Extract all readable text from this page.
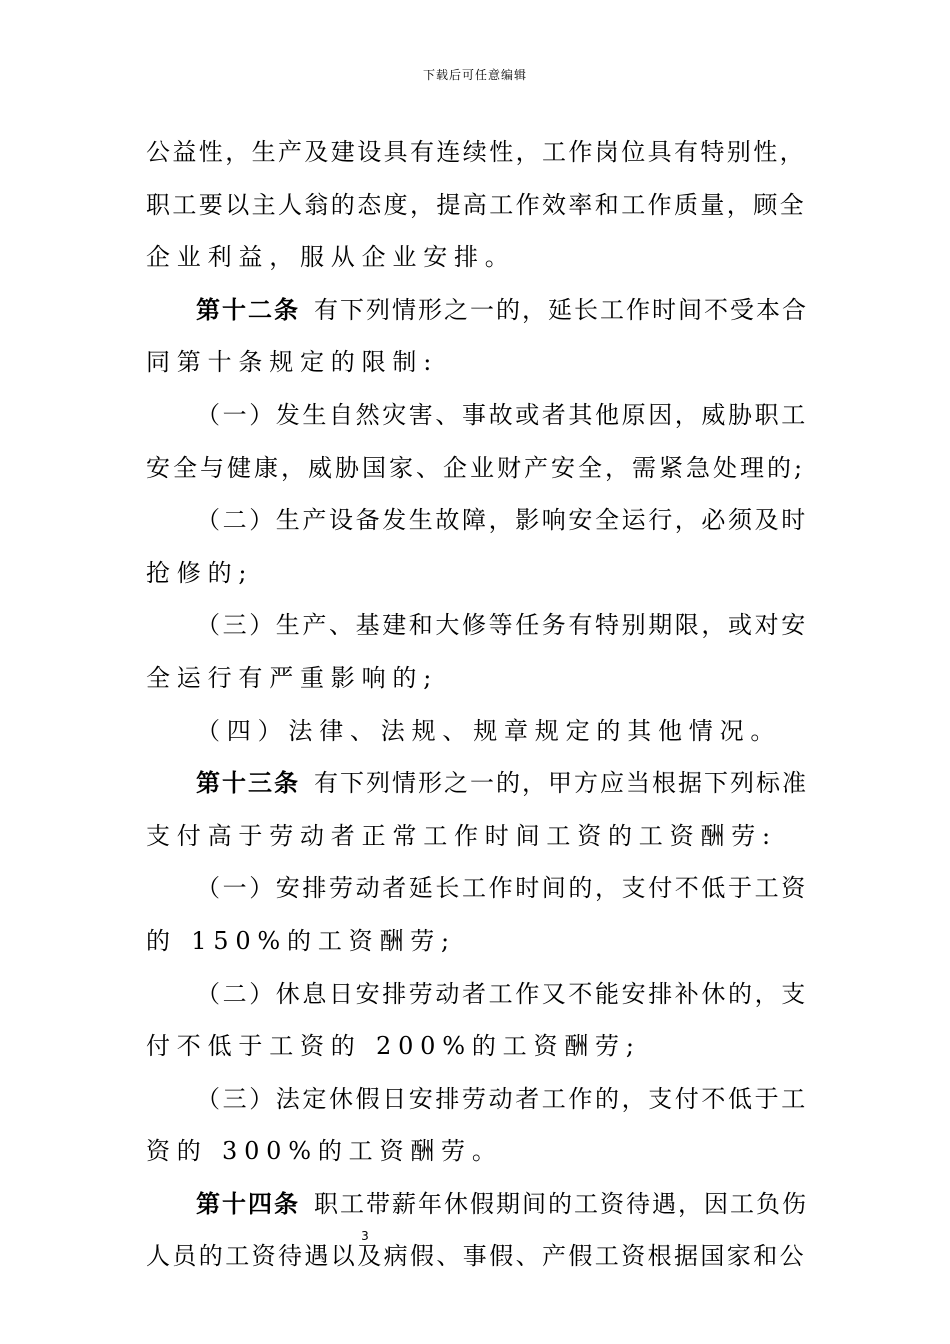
下载后可任意编辑
公益性，生产及建设具有连续性，工作岗位具有特别性，
职工要以主人翁的态度，提高工作效率和工作质量，顾全
企业利益，服从企业安排。
第十二条 有下列情形之一的，延长工作时间不受本合
同第十条规定的限制:
（一）发生自然灾害、事故或者其他原因，威胁职工
安全与健康，威胁国家、企业财产安全，需紧急处理的;
（二）生产设备发生故障，影响安全运行，必须及时
抢修的;
（三）生产、基建和大修等任务有特别期限，或对安
全运行有严重影响的;
（四）法律、法规、规章规定的其他情况。
第十三条 有下列情形之一的，甲方应当根据下列标准
支付高于劳动者正常工作时间工资的工资酬劳:
（一）安排劳动者延长工作时间的，支付不低于工资
的 150%的工资酬劳;
（二）休息日安排劳动者工作又不能安排补休的，支
付不低于工资的 200%的工资酬劳;
（三）法定休假日安排劳动者工作的，支付不低于工
资的 300%的工资酬劳。
第十四条 职工带薪年休假期间的工资待遇，因工负伤
人员的工资待遇以及病假、事假、产假工资根据国家和公
3
